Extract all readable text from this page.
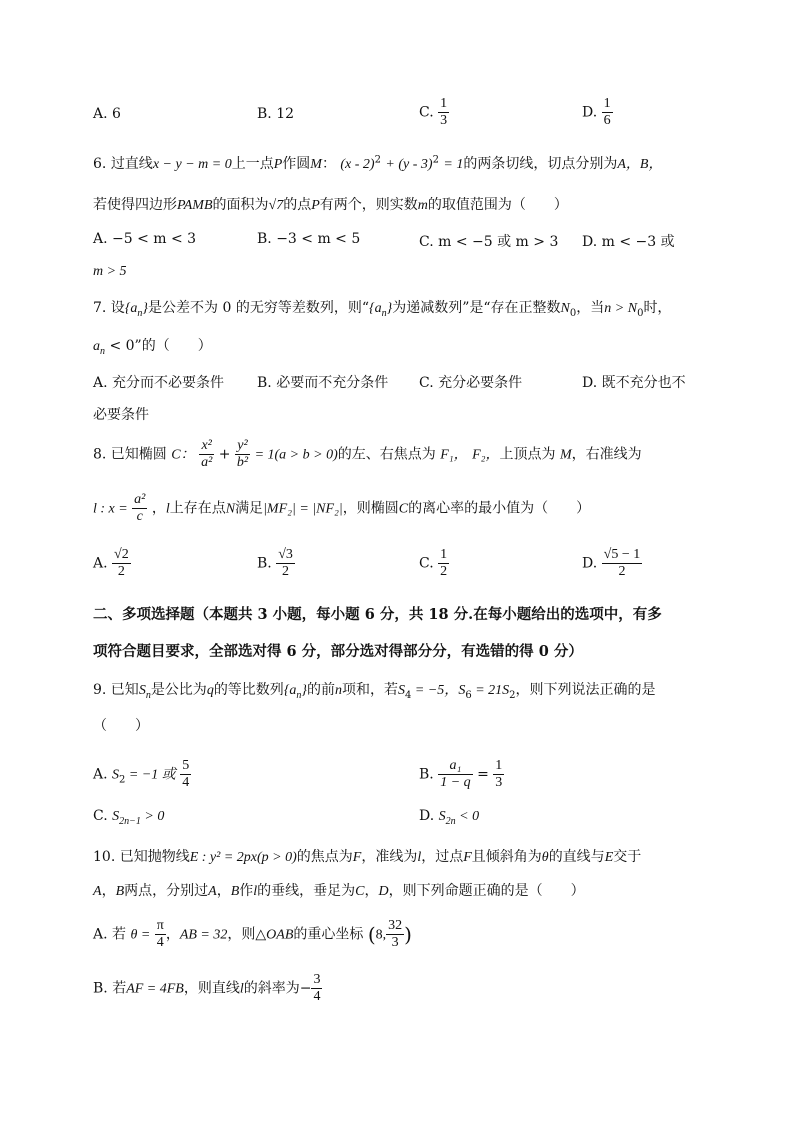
A. 6	B. 12	C. $\frac{1}{3}$	D. $\frac{1}{6}$
6. 过直线x − y − m = 0上一点P作圆M： (x - 2)$^2$ + (y - 3)$^2$ = 1的两条切线，切点分别为A，B，
若使得四边形PAMB的面积为√7的点P有两个，则实数m的取值范围为（　　）
A. −5 < m < 3	B. −3 < m < 5	C. m < −5 或 m > 3 D. m < −3 或
m > 5
7. 设$\{a_n\}$是公差不为 0 的无穷等差数列，则“$\{a_n\}$为递减数列”是“存在正整数$N_0$，当$n > N_0$时，
$a_n < 0$”的（　　）
A. 充分而不必要条件 B. 必要而不充分条件 C. 充分必要条件	D. 既不充分也不
必要条件
8. 已知椭圆 C： $\frac{\text{x²}}{\text{a²}} + \frac{\text{y²}}{\text{b²}} = 1(a > b > 0)$的左、右焦点为 F₁， F₂，上顶点为 M，右准线为
l : $x = \frac{\text{a²}}{c}$ ，l上存在点N满足|MF₂| = |NF₂|，则椭圆C的离心率的最小值为（　　）
A. $\frac{√2}{2}$	B. $\frac{√3}{2}$	C. $\frac{1}{2}$	D. $\frac{√5 - 1}{2}$
二、多项选择题（本题共 3 小题，每小题 6 分，共 18 分.在每小题给出的选项中，有多
项符合题目要求，全部选对得 6 分，部分选对得部分分，有选错的得 0 分）
9. 已知$S_n$是公比为q的等比数列$\{a_n\}$的前n项和，若$S_4 = -5$，$S_6 = 21S_2$，则下列说法正确的是
（　　）
A. $S_2 = -1$ 或 $\frac{5}{4}$	B. $\frac{\text{a₁}}{1 - q} = \frac{1}{3}$
C. $S_{2n-1} > 0$	D. $S_{2n} < 0$
10. 已知抛物线E : y² = 2px(p > 0)的焦点为F，准线为l，过点F且倾斜角为θ的直线与E交于
A，B两点，分别过A，B作l的垂线，垂足为C，D，则下列命题正确的是（　　）
A. 若 $\theta = \frac{\pi}{4}$ ，AB = 32，则△OAB的重心坐标 (8, $\frac{32}{3}$ )
B. 若AF = 4FB，则直线l的斜率为− $\frac{3}{4}$
